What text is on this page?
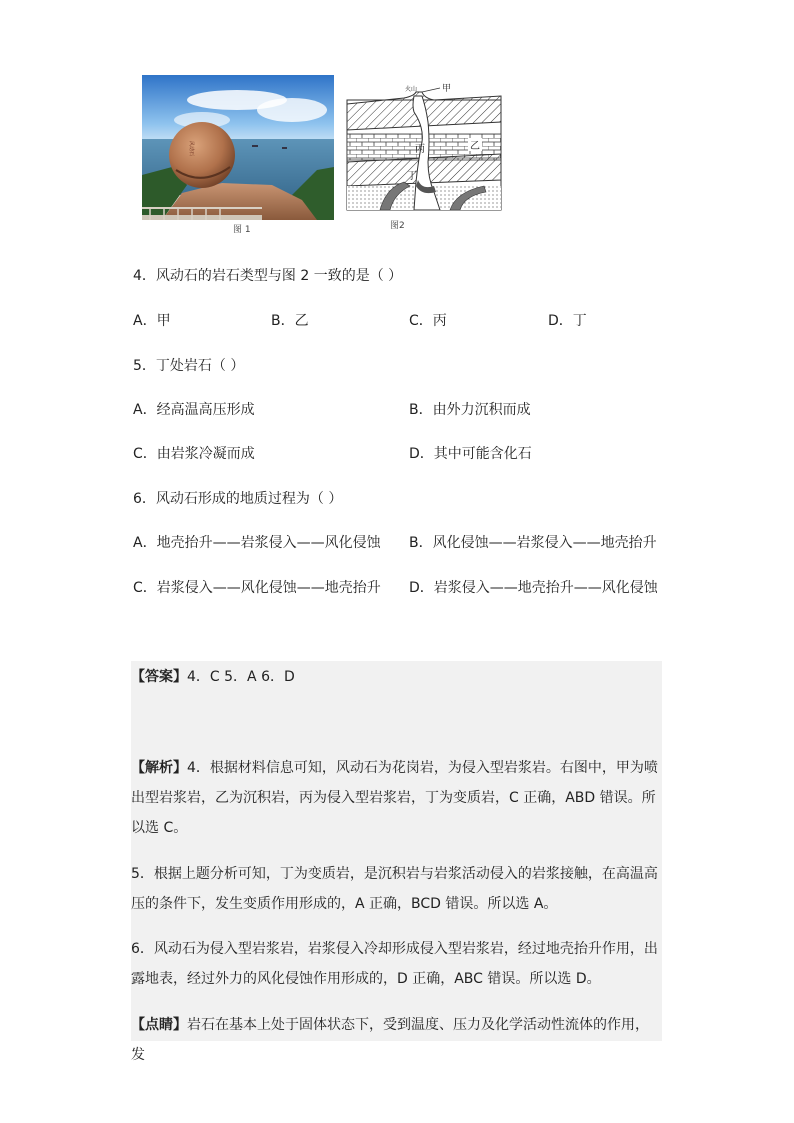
风动石
图 1
火山	甲
乙
丙
丁
图2
4．风动石的岩石类型与图 2 一致的是（ ）
A．甲	B．乙	C．丙	D．丁
5．丁处岩石（ ）
A．经高温高压形成	B．由外力沉积而成
C．由岩浆冷凝而成	D．其中可能含化石
6．风动石形成的地质过程为（ ）
A．地壳抬升——岩浆侵入——风化侵蚀 B．风化侵蚀——岩浆侵入——地壳抬升
C．岩浆侵入——风化侵蚀——地壳抬升 D．岩浆侵入——地壳抬升——风化侵蚀
【答案】4．C 5．A 6．D
【解析】4．根据材料信息可知，风动石为花岗岩，为侵入型岩浆岩。右图中，甲为喷
出型岩浆岩，乙为沉积岩，丙为侵入型岩浆岩，丁为变质岩，C 正确，ABD 错误。所
以选 C。
5．根据上题分析可知，丁为变质岩，是沉积岩与岩浆活动侵入的岩浆接触，在高温高
压的条件下，发生变质作用形成的，A 正确，BCD 错误。所以选 A。
6．风动石为侵入型岩浆岩，岩浆侵入冷却形成侵入型岩浆岩，经过地壳抬升作用，出
露地表，经过外力的风化侵蚀作用形成的，D 正确，ABC 错误。所以选 D。
【点睛】岩石在基本上处于固体状态下，受到温度、压力及化学活动性流体的作用，发
